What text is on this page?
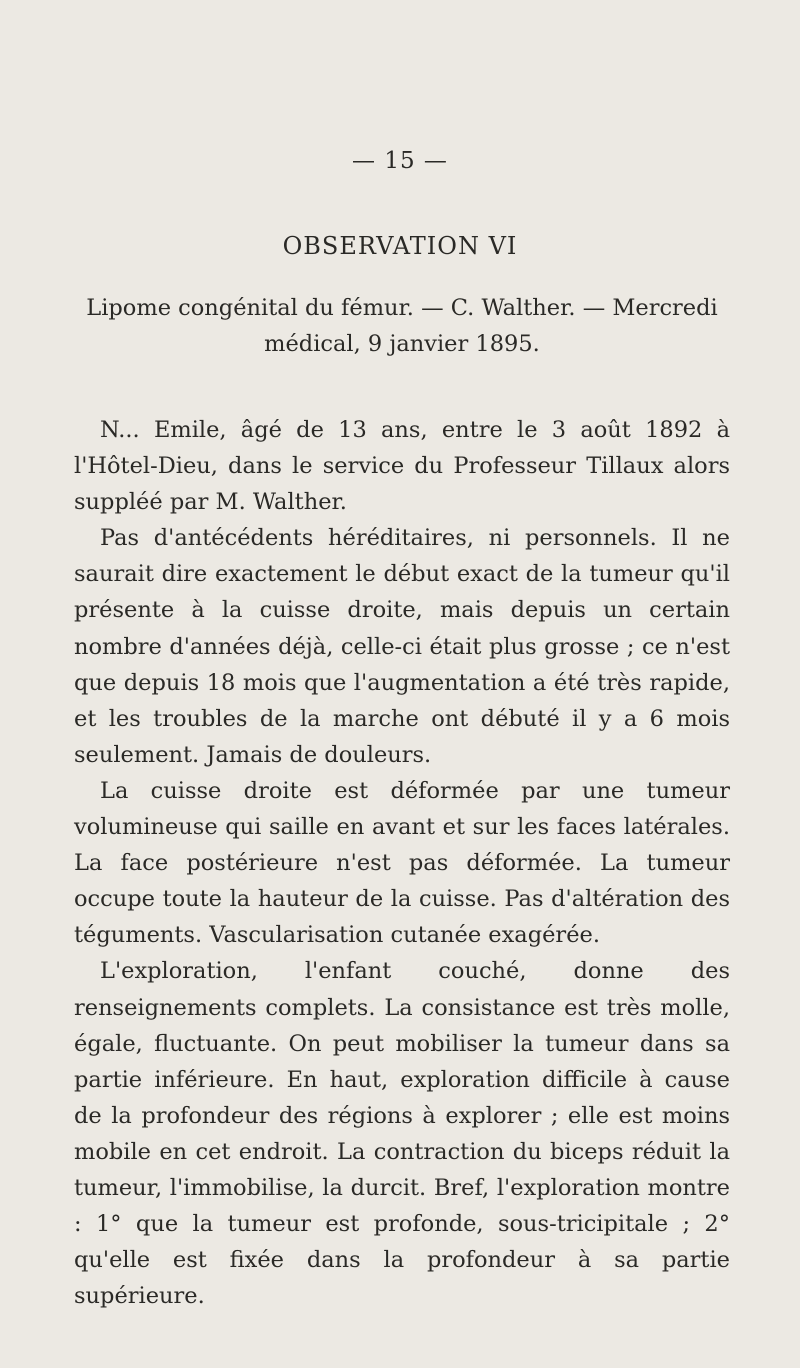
— 15 —
OBSERVATION VI
Lipome congénital du fémur. — C. Walther. — Mercredi médical, 9 janvier 1895.

N... Emile, âgé de 13 ans, entre le 3 août 1892 à l'Hôtel-Dieu, dans le service du Professeur Tillaux alors suppléé par M. Walther.

Pas d'antécédents héréditaires, ni personnels. Il ne saurait dire exactement le début exact de la tumeur qu'il présente à la cuisse droite, mais depuis un certain nombre d'années déjà, celle-ci était plus grosse ; ce n'est que depuis 18 mois que l'augmentation a été très rapide, et les troubles de la marche ont débuté il y a 6 mois seulement. Jamais de douleurs.

La cuisse droite est déformée par une tumeur volumineuse qui saille en avant et sur les faces latérales. La face postérieure n'est pas déformée. La tumeur occupe toute la hauteur de la cuisse. Pas d'altération des téguments. Vascularisation cutanée exagérée.

L'exploration, l'enfant couché, donne des renseignements complets. La consistance est très molle, égale, fluctuante. On peut mobiliser la tumeur dans sa partie inférieure. En haut, exploration difficile à cause de la profondeur des régions à explorer ; elle est moins mobile en cet endroit. La contraction du biceps réduit la tumeur, l'immobilise, la durcit. Bref, l'exploration montre : 1° que la tumeur est profonde, sous-tricipitale ; 2° qu'elle est fixée dans la profondeur à sa partie supérieure.
